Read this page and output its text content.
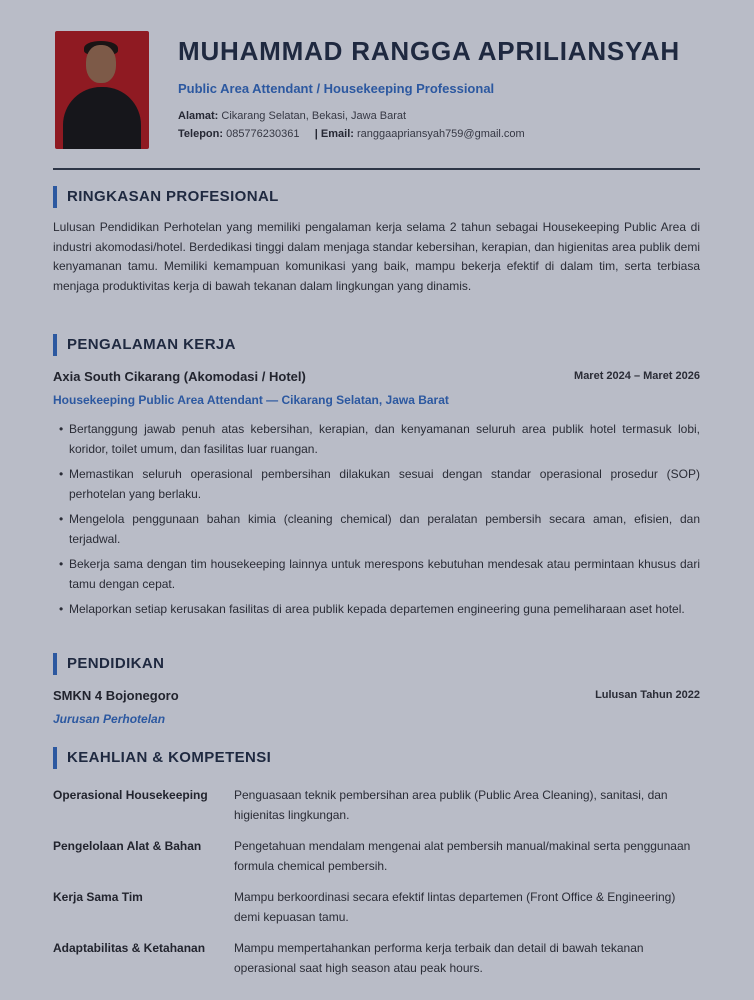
MUHAMMAD RANGGA APRILIANSYAH
Public Area Attendant / Housekeeping Professional
Alamat: Cikarang Selatan, Bekasi, Jawa Barat
Telepon: 085776230361 | Email: ranggaapriansyah759@gmail.com
RINGKASAN PROFESIONAL

Lulusan Pendidikan Perhotelan yang memiliki pengalaman kerja selama 2 tahun sebagai Housekeeping Public Area di industri akomodasi/hotel. Berdedikasi tinggi dalam menjaga standar kebersihan, kerapian, dan higienitas area publik demi kenyamanan tamu. Memiliki kemampuan komunikasi yang baik, mampu bekerja efektif di dalam tim, serta terbiasa menjaga produktivitas kerja di bawah tekanan dalam lingkungan yang dinamis.

PENGALAMAN KERJA
Axia South Cikarang (Akomodasi / Hotel)	Maret 2024 – Maret 2026
Housekeeping Public Area Attendant — Cikarang Selatan, Jawa Barat
• Bertanggung jawab penuh atas kebersihan, kerapian, dan kenyamanan seluruh area publik hotel termasuk lobi, koridor, toilet umum, dan fasilitas luar ruangan.
• Memastikan seluruh operasional pembersihan dilakukan sesuai dengan standar operasional prosedur (SOP) perhotelan yang berlaku.
• Mengelola penggunaan bahan kimia (cleaning chemical) dan peralatan pembersih secara aman, efisien, dan terjadwal.
• Bekerja sama dengan tim housekeeping lainnya untuk merespons kebutuhan mendesak atau permintaan khusus dari tamu dengan cepat.
• Melaporkan setiap kerusakan fasilitas di area publik kepada departemen engineering guna pemeliharaan aset hotel.
PENDIDIKAN
SMKN 4 Bojonegoro	Lulusan Tahun 2022
Jurusan Perhotelan
KEAHLIAN & KOMPETENSI
Operasional Housekeeping	Penguasaan teknik pembersihan area publik (Public Area Cleaning), sanitasi, dan higienitas lingkungan.
Pengelolaan Alat & Bahan	Pengetahuan mendalam mengenai alat pembersih manual/makinal serta penggunaan formula chemical pembersih.
Kerja Sama Tim	Mampu berkoordinasi secara efektif lintas departemen (Front Office & Engineering) demi kepuasan tamu.
Adaptabilitas & Ketahanan	Mampu mempertahankan performa kerja terbaik dan detail di bawah tekanan operasional saat high season atau peak hours.
